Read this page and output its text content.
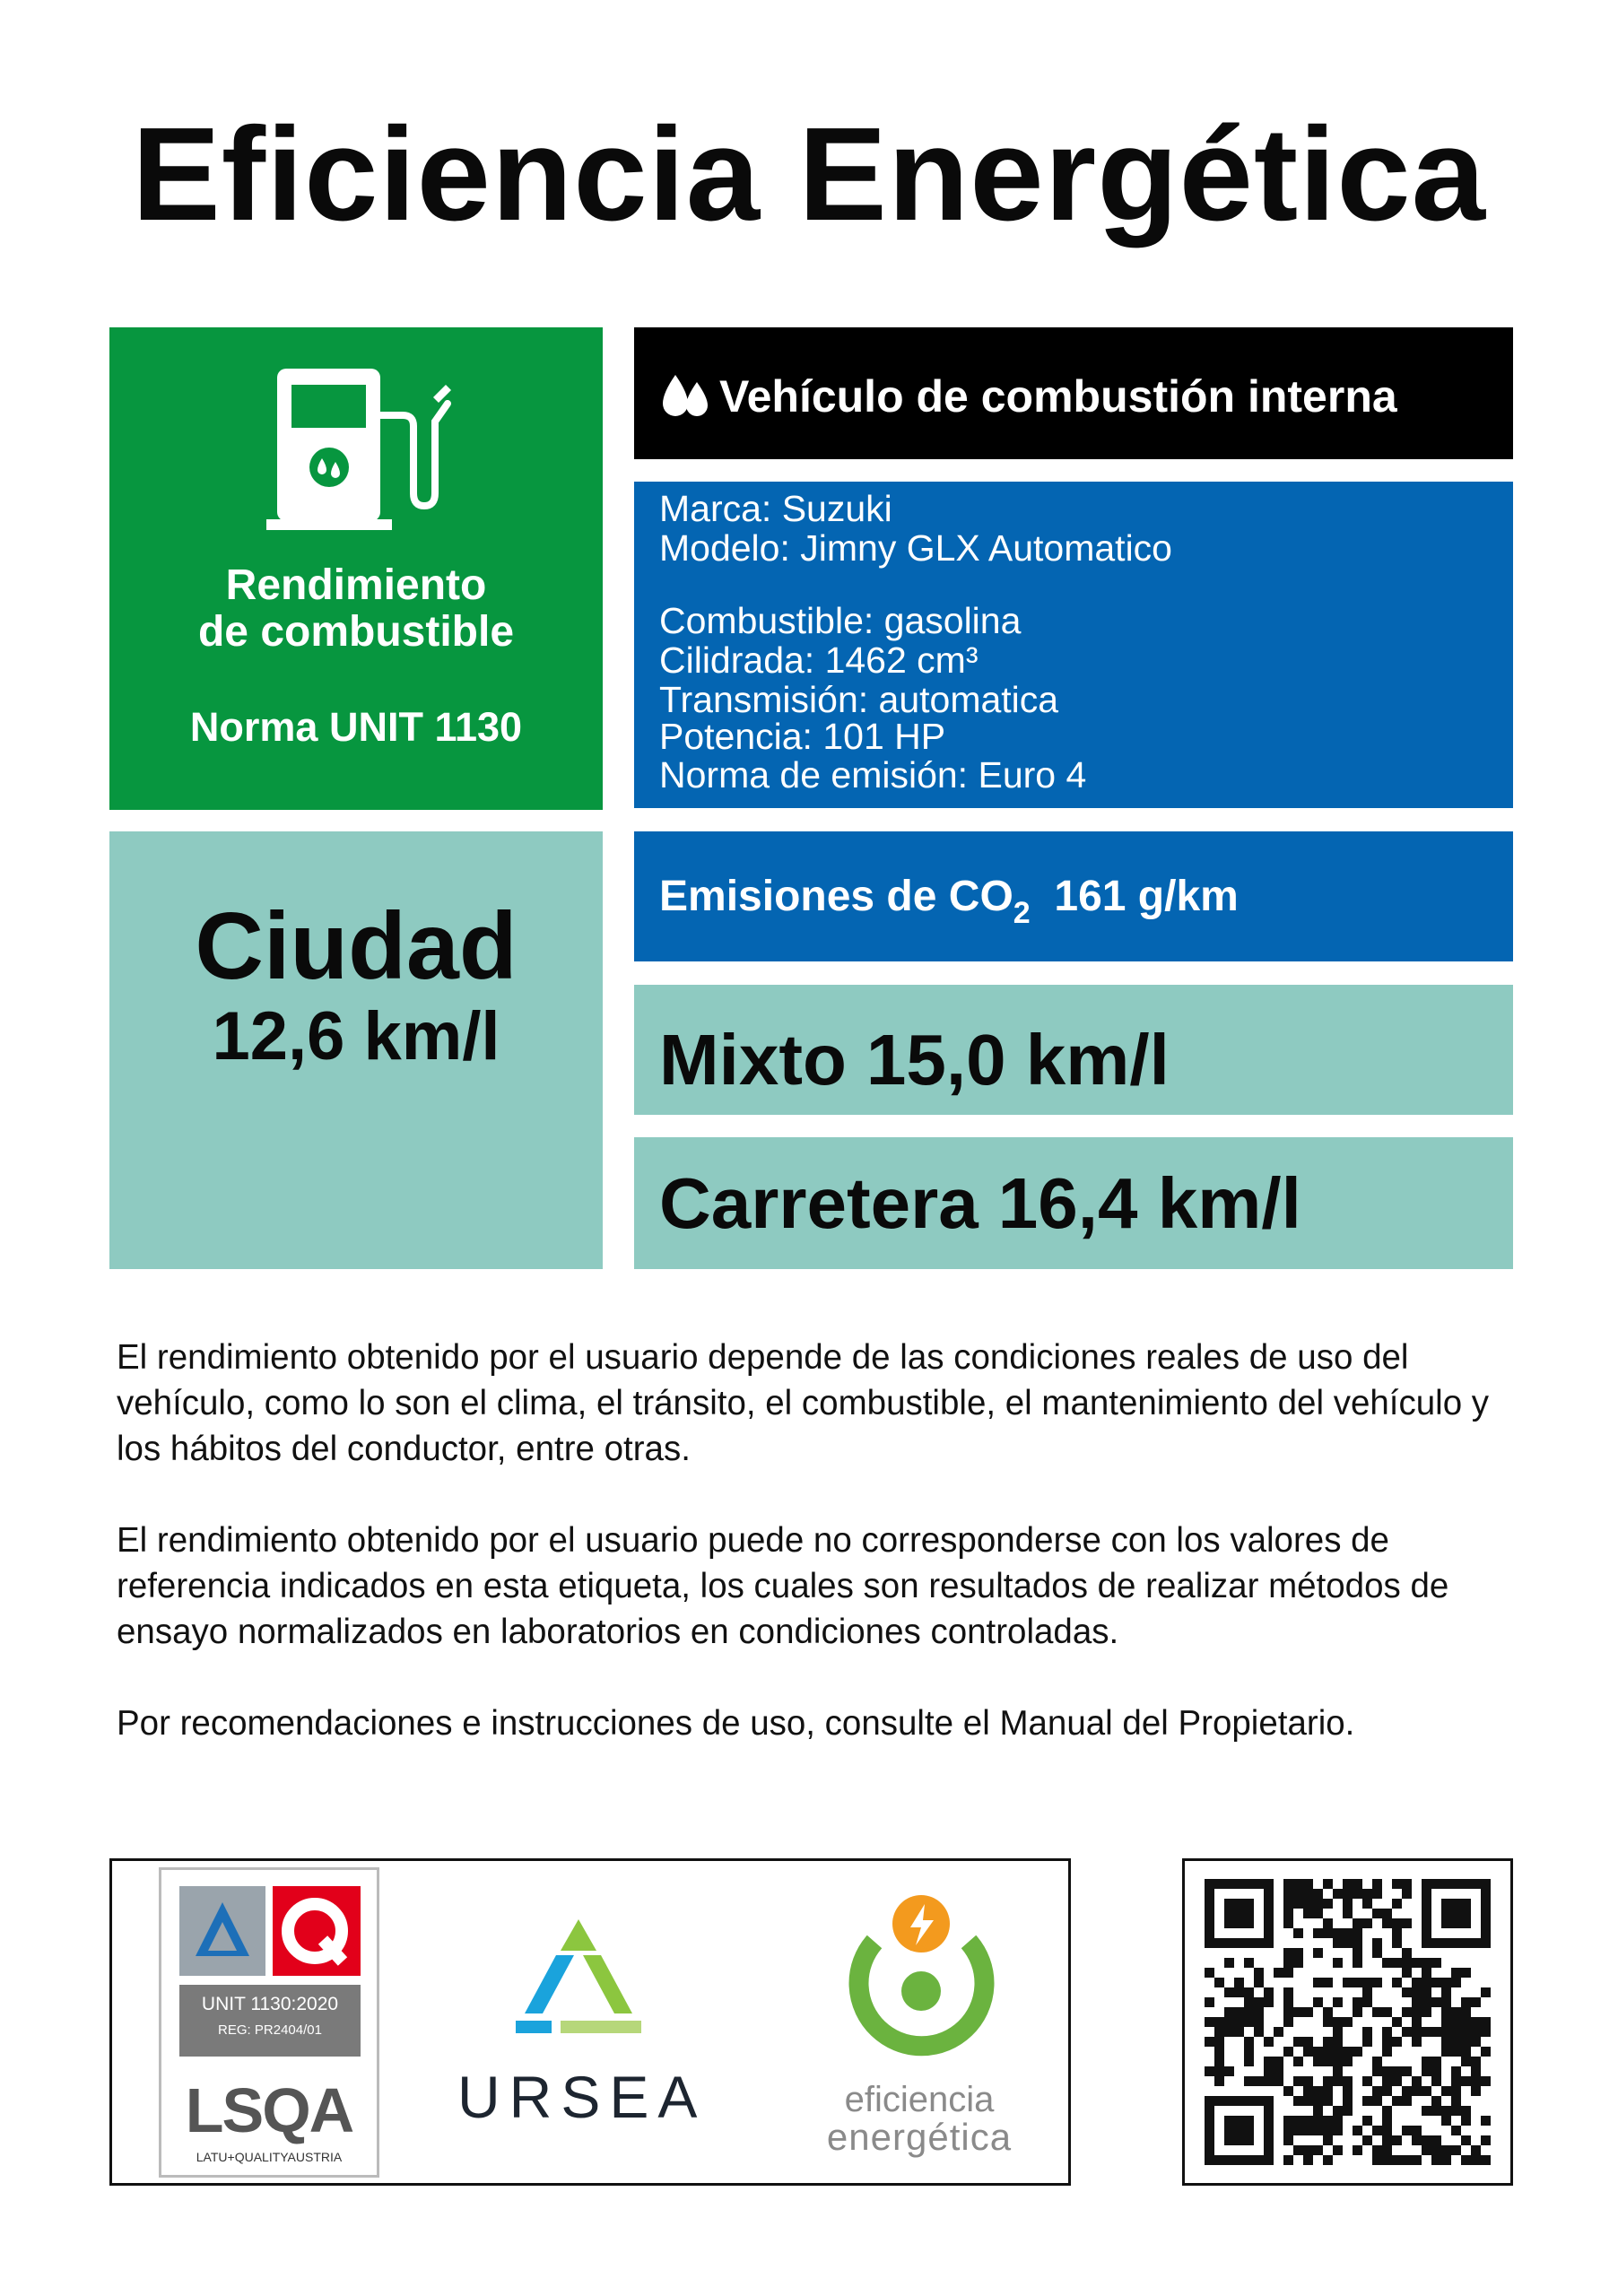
Eficiencia Energética
Rendimiento
de combustible
Norma UNIT 1130
Vehículo de combustión interna
Marca: Suzuki
Modelo: Jimny GLX Automatico
Combustible: gasolina
Cilidrada: 1462 cm³
Transmisión: automatica
Potencia: 101 HP
Norma de emisión: Euro 4
Ciudad
12,6 km/l
Emisiones de $CO_2$ 161 g/km
Mixto 15,0 km/l
Carretera 16,4 km/l

El rendimiento obtenido por el usuario depende de las condiciones reales de uso del vehículo, como lo son el clima, el tránsito, el combustible, el mantenimiento del vehículo y los hábitos del conductor, entre otras.

El rendimiento obtenido por el usuario puede no corresponderse con los valores de referencia indicados en esta etiqueta, los cuales son resultados de realizar métodos de ensayo normalizados en laboratorios en condiciones controladas.

Por recomendaciones e instrucciones de uso, consulte el Manual del Propietario.

UNIT 1130:2020
REG: PR2404/01
LSQA
LATU+QUALITYAUSTRIA
URSEA	eficiencia
energética
